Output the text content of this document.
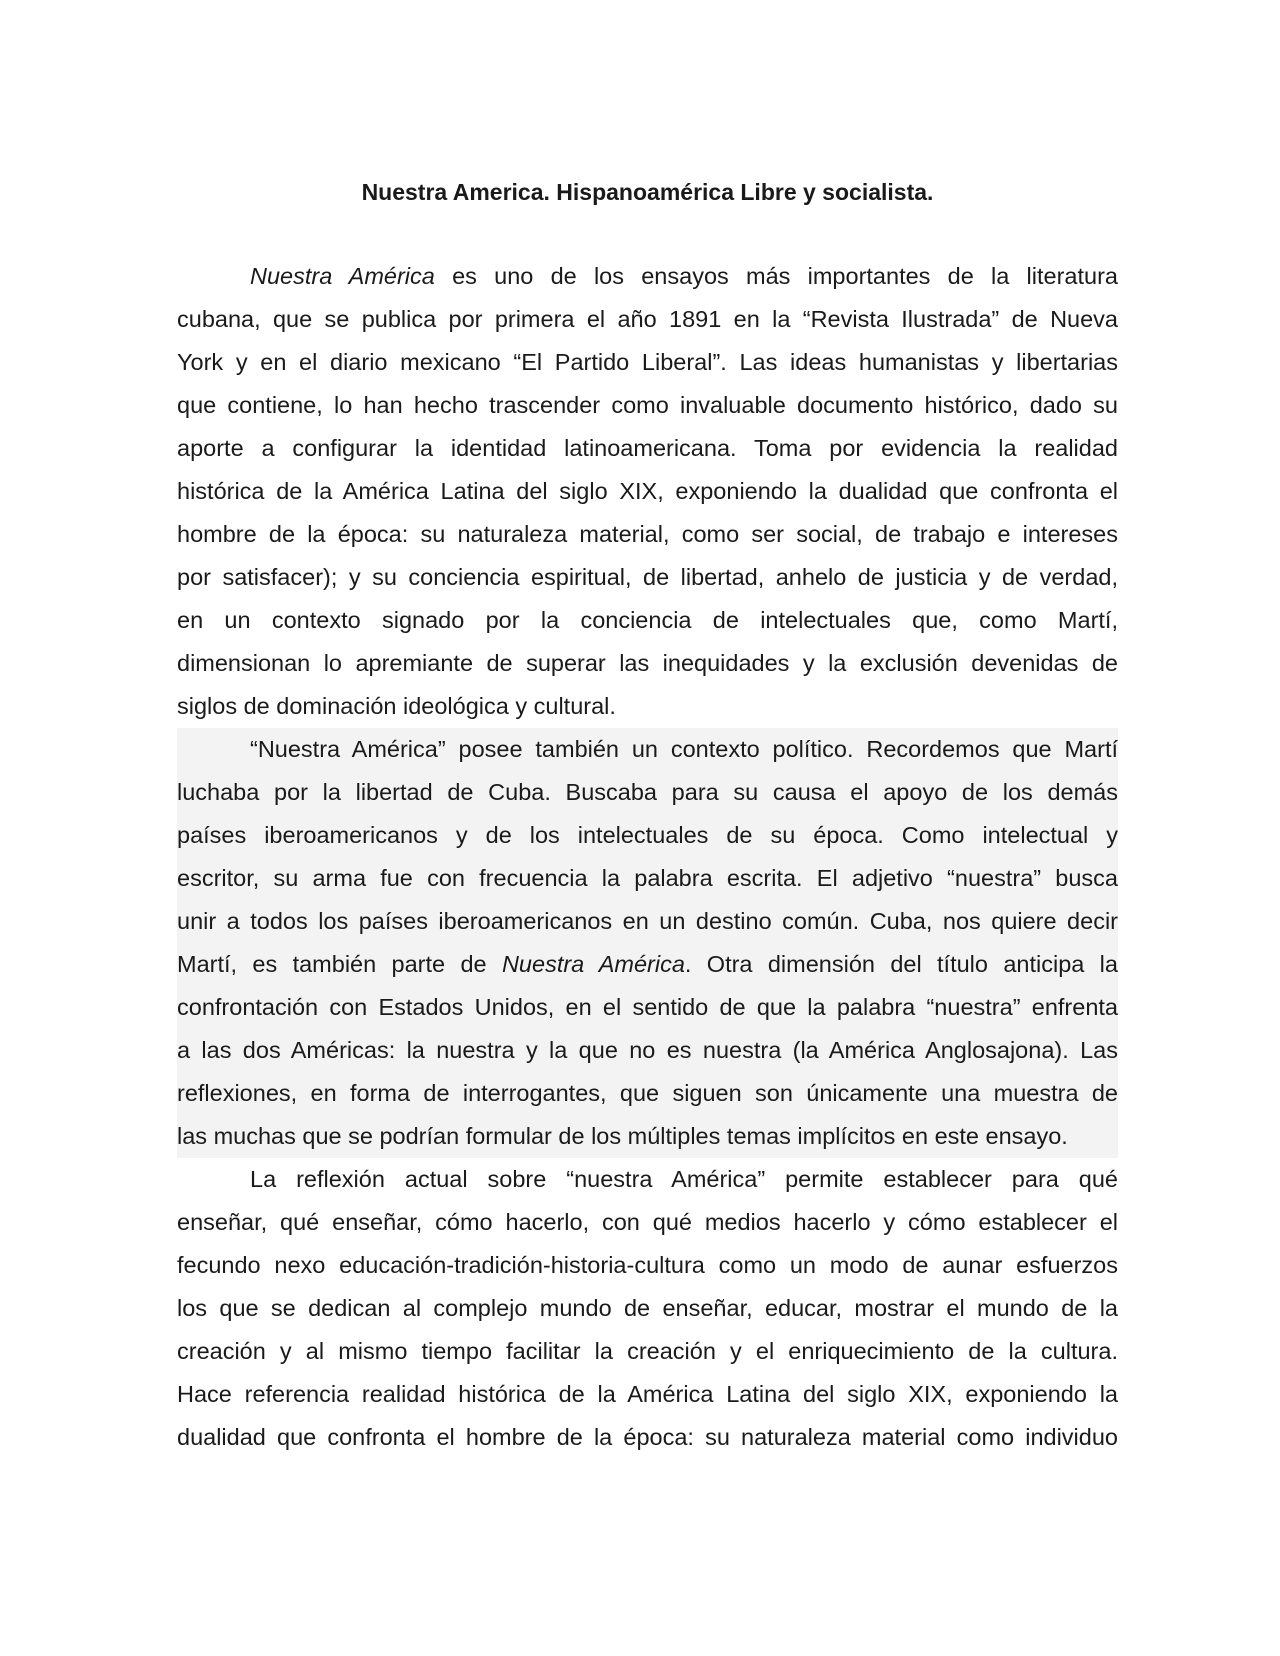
Nuestra America. Hispanoamérica Libre y socialista.

Nuestra América es uno de los ensayos más importantes de la literatura
cubana, que se publica por primera el año 1891 en la “Revista Ilustrada” de Nueva
York y en el diario mexicano “El Partido Liberal”. Las ideas humanistas y libertarias
que contiene, lo han hecho trascender como invaluable documento histórico, dado su
aporte a configurar la identidad latinoamericana. Toma por evidencia la realidad
histórica de la América Latina del siglo XIX, exponiendo la dualidad que confronta el
hombre de la época: su naturaleza material, como ser social, de trabajo e intereses
por satisfacer); y su conciencia espiritual, de libertad, anhelo de justicia y de verdad,
en un contexto signado por la conciencia de intelectuales que, como Martí,
dimensionan lo apremiante de superar las inequidades y la exclusión devenidas de
siglos de dominación ideológica y cultural.

“Nuestra América” posee también un contexto político. Recordemos que Martí
luchaba por la libertad de Cuba. Buscaba para su causa el apoyo de los demás
países iberoamericanos y de los intelectuales de su época. Como intelectual y
escritor, su arma fue con frecuencia la palabra escrita. El adjetivo “nuestra” busca
unir a todos los países iberoamericanos en un destino común. Cuba, nos quiere decir
Martí, es también parte de Nuestra América. Otra dimensión del título anticipa la
confrontación con Estados Unidos, en el sentido de que la palabra “nuestra” enfrenta
a las dos Américas: la nuestra y la que no es nuestra (la América Anglosajona). Las
reflexiones, en forma de interrogantes, que siguen son únicamente una muestra de
las muchas que se podrían formular de los múltiples temas implícitos en este ensayo.

La reflexión actual sobre “nuestra América” permite establecer para qué
enseñar, qué enseñar, cómo hacerlo, con qué medios hacerlo y cómo establecer el
fecundo nexo educación-tradición-historia-cultura como un modo de aunar esfuerzos
los que se dedican al complejo mundo de enseñar, educar, mostrar el mundo de la
creación y al mismo tiempo facilitar la creación y el enriquecimiento de la cultura.
Hace referencia realidad histórica de la América Latina del siglo XIX, exponiendo la
dualidad que confronta el hombre de la época: su naturaleza material como individuo
